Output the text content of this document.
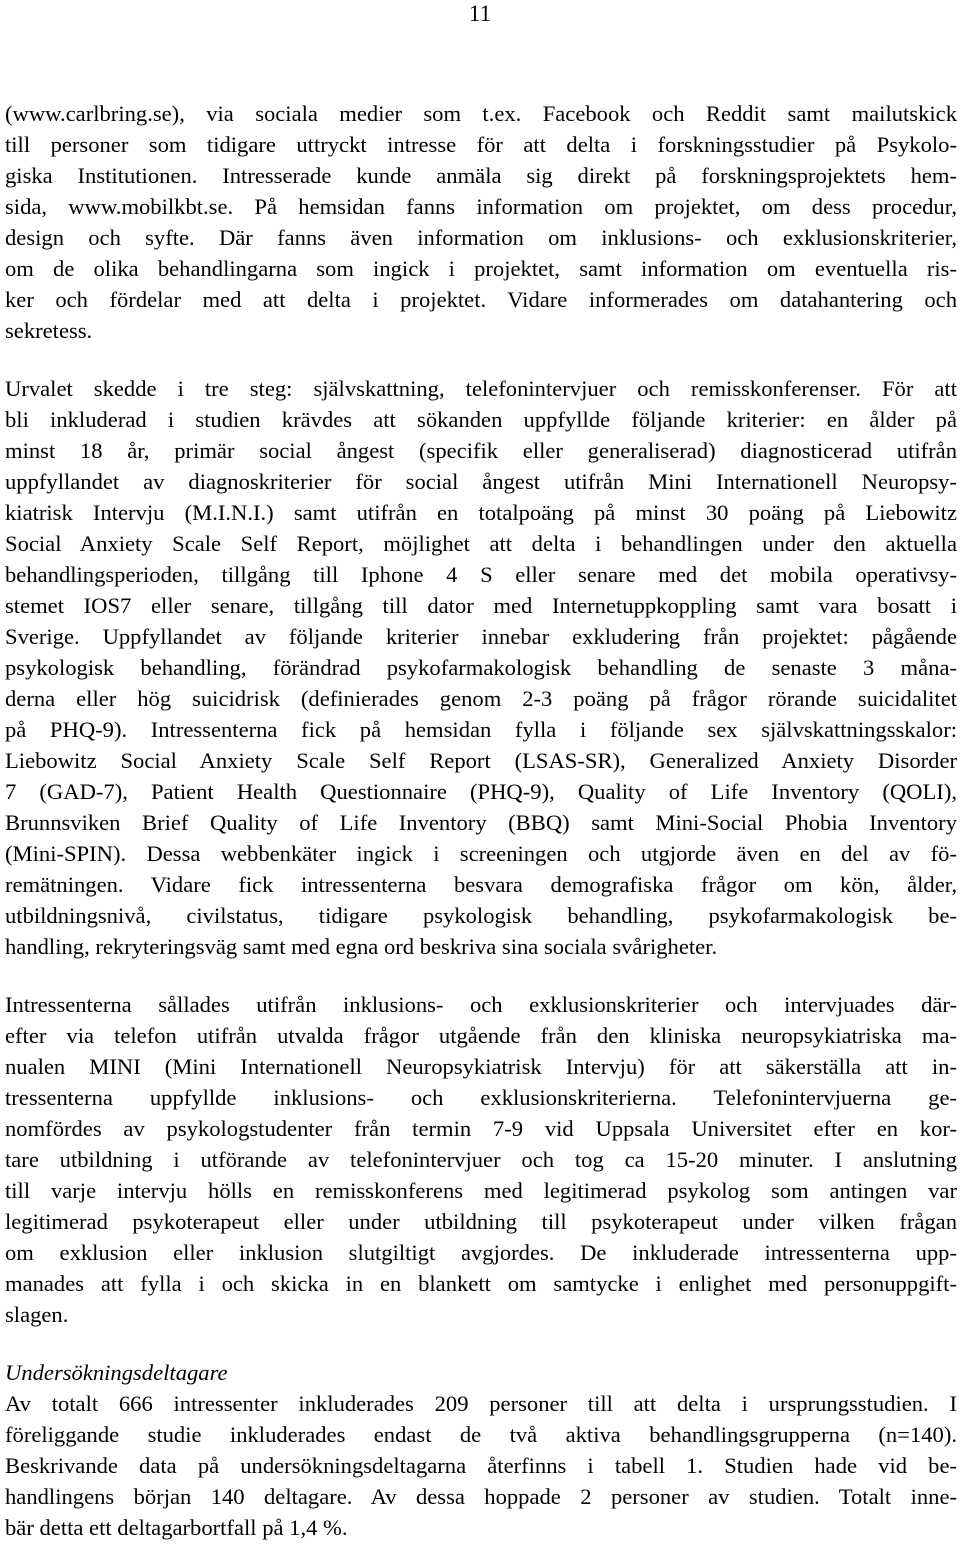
11
(www.carlbring.se), via sociala medier som t.ex. Facebook och Reddit samt mailutskick
till personer som tidigare uttryckt intresse för att delta i forskningsstudier på Psykolo-
giska Institutionen. Intresserade kunde anmäla sig direkt på forskningsprojektets hem-
sida, www.mobilkbt.se. På hemsidan fanns information om projektet, om dess procedur,
design och syfte. Där fanns även information om inklusions- och exklusionskriterier,
om de olika behandlingarna som ingick i projektet, samt information om eventuella ris-
ker och fördelar med att delta i projektet. Vidare informerades om datahantering och
sekretess.
Urvalet skedde i tre steg: självskattning, telefonintervjuer och remisskonferenser. För att
bli inkluderad i studien krävdes att sökanden uppfyllde följande kriterier: en ålder på
minst 18 år, primär social ångest (specifik eller generaliserad) diagnosticerad utifrån
uppfyllandet av diagnoskriterier för social ångest utifrån Mini Internationell Neuropsy-
kiatrisk Intervju (M.I.N.I.) samt utifrån en totalpoäng på minst 30 poäng på Liebowitz
Social Anxiety Scale Self Report, möjlighet att delta i behandlingen under den aktuella
behandlingsperioden, tillgång till Iphone 4 S eller senare med det mobila operativsy-
stemet IOS7 eller senare, tillgång till dator med Internetuppkoppling samt vara bosatt i
Sverige. Uppfyllandet av följande kriterier innebar exkludering från projektet: pågående
psykologisk behandling, förändrad psykofarmakologisk behandling de senaste 3 måna-
derna eller hög suicidrisk (definierades genom 2-3 poäng på frågor rörande suicidalitet
på PHQ-9). Intressenterna fick på hemsidan fylla i följande sex självskattningsskalor:
Liebowitz Social Anxiety Scale Self Report (LSAS-SR), Generalized Anxiety Disorder
7 (GAD-7), Patient Health Questionnaire (PHQ-9), Quality of Life Inventory (QOLI),
Brunnsviken Brief Quality of Life Inventory (BBQ) samt Mini-Social Phobia Inventory
(Mini-SPIN). Dessa webbenkäter ingick i screeningen och utgjorde även en del av fö-
remätningen. Vidare fick intressenterna besvara demografiska frågor om kön, ålder,
utbildningsnivå, civilstatus, tidigare psykologisk behandling, psykofarmakologisk be-
handling, rekryteringsväg samt med egna ord beskriva sina sociala svårigheter.
Intressenterna sållades utifrån inklusions- och exklusionskriterier och intervjuades där-
efter via telefon utifrån utvalda frågor utgående från den kliniska neuropsykiatriska ma-
nualen MINI (Mini Internationell Neuropsykiatrisk Intervju) för att säkerställa att in-
tressenterna uppfyllde inklusions- och exklusionskriterierna. Telefonintervjuerna ge-
nomfördes av psykologstudenter från termin 7-9 vid Uppsala Universitet efter en kor-
tare utbildning i utförande av telefonintervjuer och tog ca 15-20 minuter. I anslutning
till varje intervju hölls en remisskonferens med legitimerad psykolog som antingen var
legitimerad psykoterapeut eller under utbildning till psykoterapeut under vilken frågan
om exklusion eller inklusion slutgiltigt avgjordes. De inkluderade intressenterna upp-
manades att fylla i och skicka in en blankett om samtycke i enlighet med personuppgift-
slagen.
Undersökningsdeltagare
Av totalt 666 intressenter inkluderades 209 personer till att delta i ursprungsstudien. I
föreliggande studie inkluderades endast de två aktiva behandlingsgrupperna (n=140).
Beskrivande data på undersökningsdeltagarna återfinns i tabell 1. Studien hade vid be-
handlingens början 140 deltagare. Av dessa hoppade 2 personer av studien. Totalt inne-
bär detta ett deltagarbortfall på 1,4 %.
